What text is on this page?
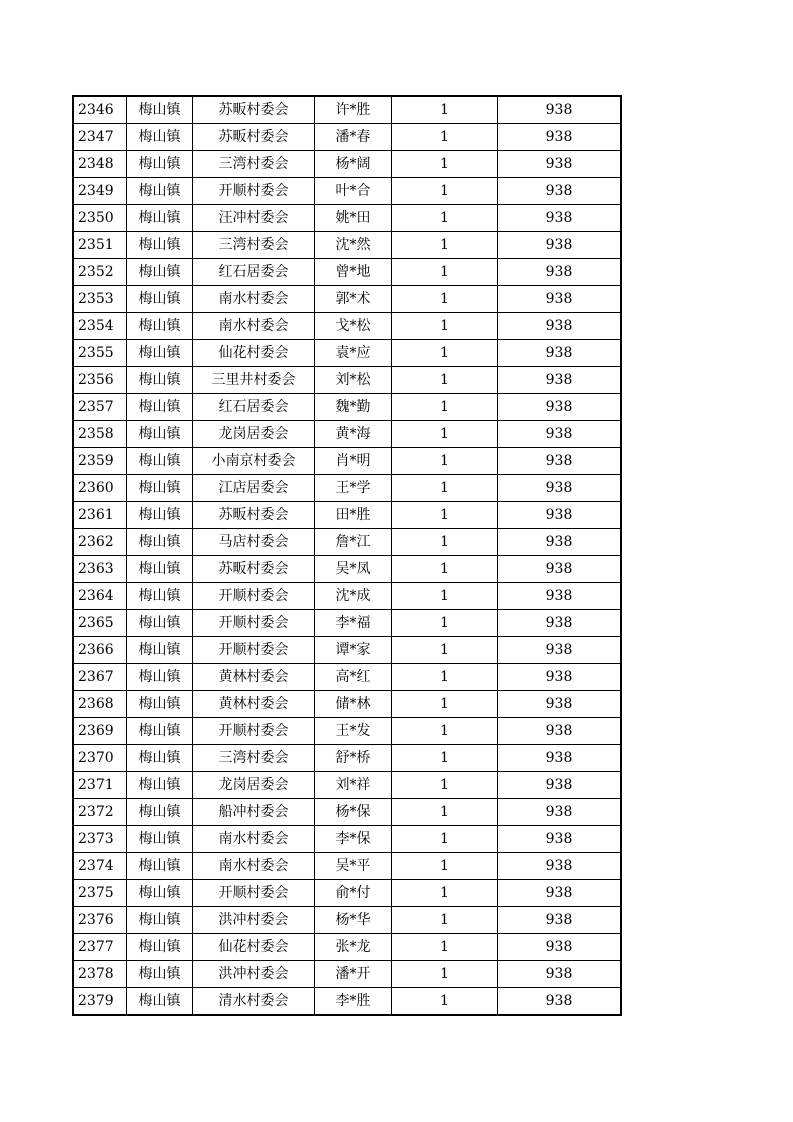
2346	梅山镇	苏畈村委会	许*胜	1	938
2347	梅山镇	苏畈村委会	潘*春	1	938
2348	梅山镇	三湾村委会	杨*阔	1	938
2349	梅山镇	开顺村委会	叶*合	1	938
2350	梅山镇	汪冲村委会	姚*田	1	938
2351	梅山镇	三湾村委会	沈*然	1	938
2352	梅山镇	红石居委会	曾*地	1	938
2353	梅山镇	南水村委会	郭*术	1	938
2354	梅山镇	南水村委会	戈*松	1	938
2355	梅山镇	仙花村委会	袁*应	1	938
2356	梅山镇	三里井村委会	刘*松	1	938
2357	梅山镇	红石居委会	魏*勤	1	938
2358	梅山镇	龙岗居委会	黄*海	1	938
2359	梅山镇	小南京村委会	肖*明	1	938
2360	梅山镇	江店居委会	王*学	1	938
2361	梅山镇	苏畈村委会	田*胜	1	938
2362	梅山镇	马店村委会	詹*江	1	938
2363	梅山镇	苏畈村委会	吴*凤	1	938
2364	梅山镇	开顺村委会	沈*成	1	938
2365	梅山镇	开顺村委会	李*福	1	938
2366	梅山镇	开顺村委会	谭*家	1	938
2367	梅山镇	黄林村委会	高*红	1	938
2368	梅山镇	黄林村委会	储*林	1	938
2369	梅山镇	开顺村委会	王*发	1	938
2370	梅山镇	三湾村委会	舒*桥	1	938
2371	梅山镇	龙岗居委会	刘*祥	1	938
2372	梅山镇	船冲村委会	杨*保	1	938
2373	梅山镇	南水村委会	李*保	1	938
2374	梅山镇	南水村委会	吴*平	1	938
2375	梅山镇	开顺村委会	俞*付	1	938
2376	梅山镇	洪冲村委会	杨*华	1	938
2377	梅山镇	仙花村委会	张*龙	1	938
2378	梅山镇	洪冲村委会	潘*开	1	938
2379	梅山镇	清水村委会	李*胜	1	938
